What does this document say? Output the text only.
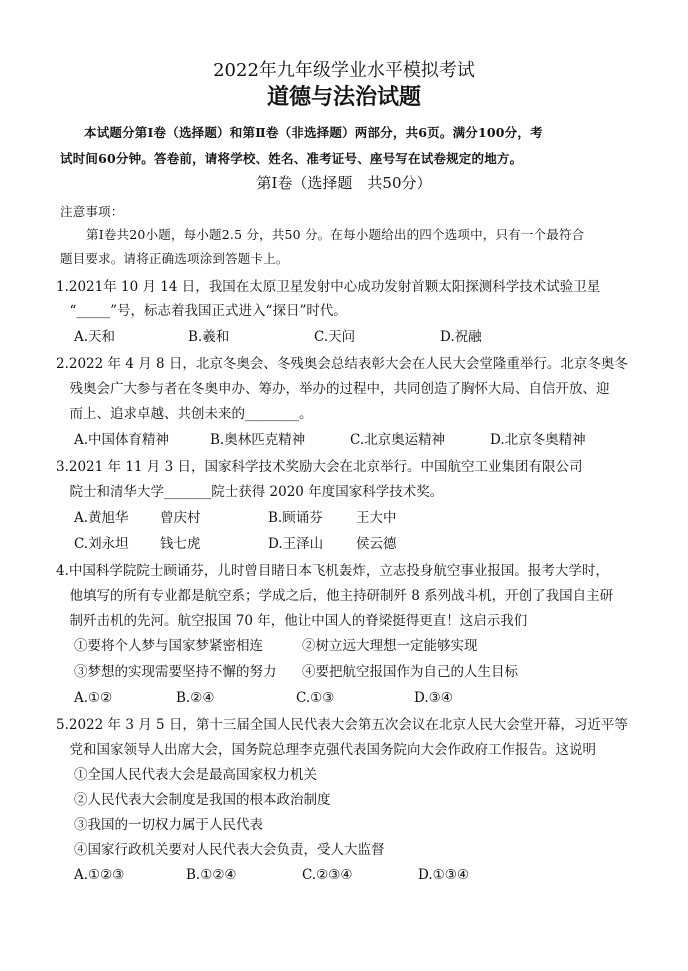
2022年九年级学业水平模拟考试
道德与法治试题
本试题分第Ⅰ卷（选择题）和第Ⅱ卷（非选择题）两部分，共6页。满分100分，考
试时间60分钟。答卷前，请将学校、姓名、准考证号、座号写在试卷规定的地方。
第Ⅰ卷（选择题　共50分）
注意事项：
第Ⅰ卷共20小题，每小题2.5 分，共50 分。在每小题给出的四个选项中，只有一个最符合
题目要求。请将正确选项涂到答题卡上。
1.2021年 10 月 14 日，我国在太原卫星发射中心成功发射首颗太阳探测科学技术试验卫星
　“_____”号，标志着我国正式进入“探日”时代。
A.天和	B.羲和	C.天问	D.祝融
2.2022 年 4 月 8 日，北京冬奥会、冬残奥会总结表彰大会在人民大会堂隆重举行。北京冬奥冬
　残奥会广大参与者在冬奥申办、筹办，举办的过程中，共同创造了胸怀大局、自信开放、迎
　而上、追求卓越、共创未来的________。
A.中国体育精神	B.奥林匹克精神	C.北京奥运精神	D.北京冬奥精神
3.2021 年 11 月 3 日，国家科学技术奖励大会在北京举行。中国航空工业集团有限公司
　院士和清华大学_______院士获得 2020 年度国家科学技术奖。
A.黄旭华 曾庆村	B.顾诵芬 王大中
C.刘永坦 钱七虎	D.王泽山 侯云德
4.中国科学院院士顾诵芬，儿时曾目睹日本飞机轰炸，立志投身航空事业报国。报考大学时，
　他填写的所有专业都是航空系；学成之后，他主持研制歼 8 系列战斗机，开创了我国自主研
　制歼击机的先河。航空报国 70 年，他让中国人的脊梁挺得更直！这启示我们
①要将个人梦与国家梦紧密相连	②树立远大理想一定能够实现
③梦想的实现需要坚持不懈的努力 ④要把航空报国作为自己的人生目标
A.①②	B.②④	C.①③	D.③④
5.2022 年 3 月 5 日，第十三届全国人民代表大会第五次会议在北京人民大会堂开幕，习近平等
　党和国家领导人出席大会，国务院总理李克强代表国务院向大会作政府工作报告。这说明
①全国人民代表大会是最高国家权力机关
②人民代表大会制度是我国的根本政治制度
③我国的一切权力属于人民代表
④国家行政机关要对人民代表大会负责，受人大监督
A.①②③	B.①②④	C.②③④	D.①③④
